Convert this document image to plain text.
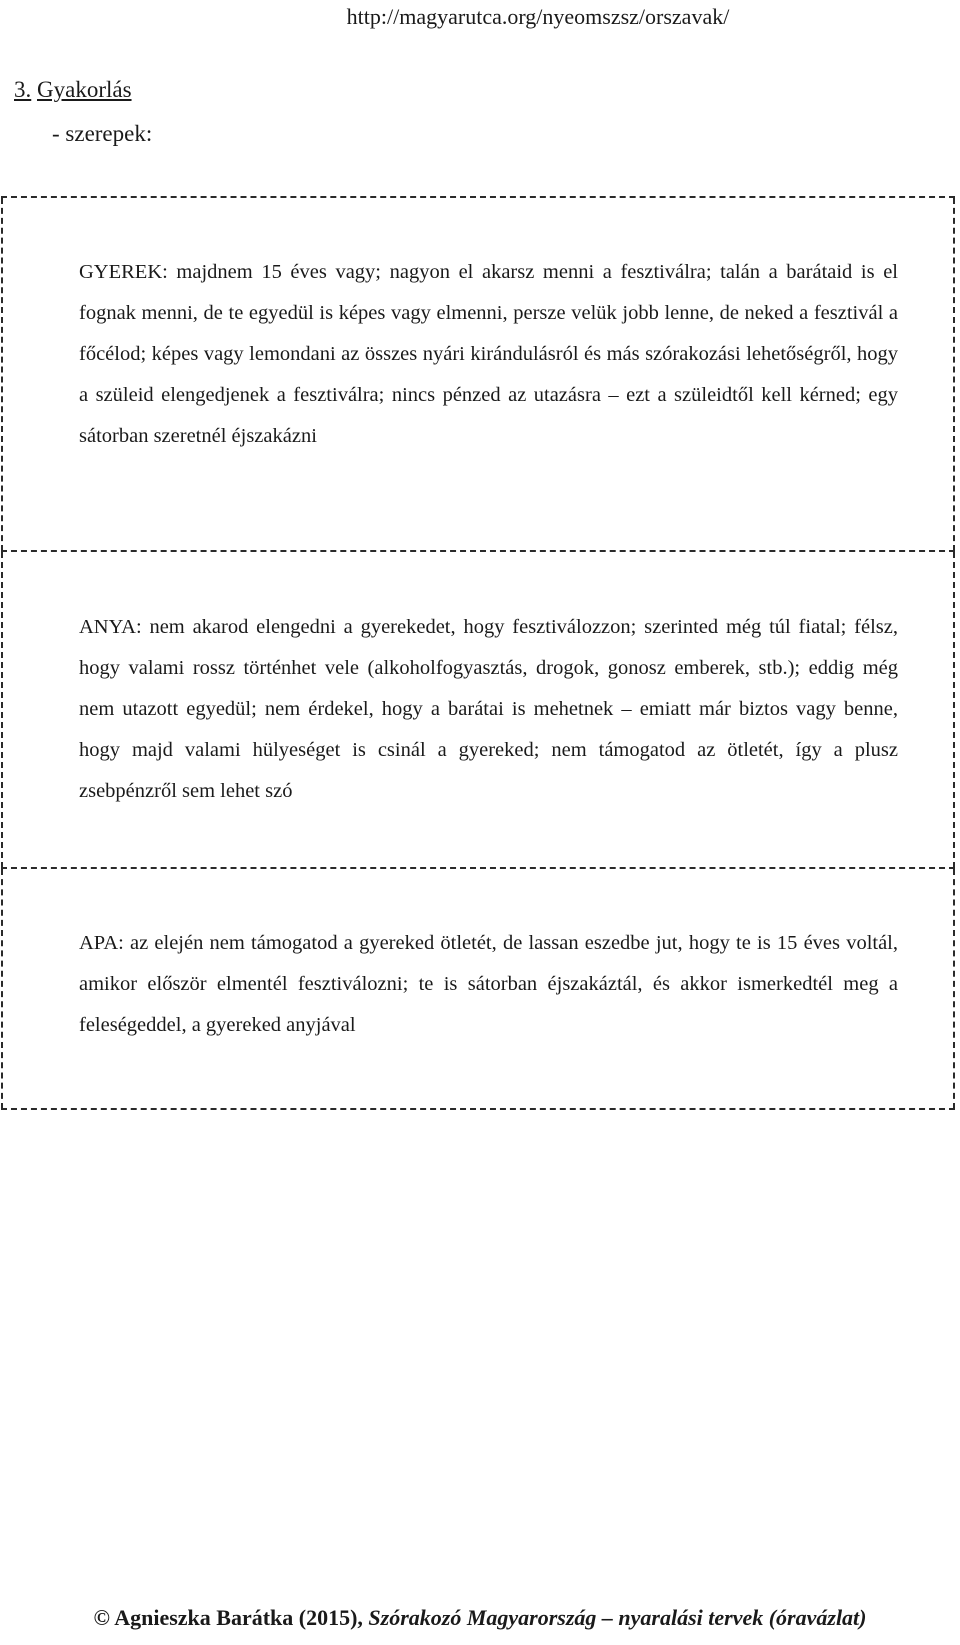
http://magyarutca.org/nyeomszsz/orszavak/
3. Gyakorlás
- szerepek:

GYEREK: majdnem 15 éves vagy; nagyon el akarsz menni a fesztiválra; talán a barátaid is el fognak menni, de te egyedül is képes vagy elmenni, persze velük jobb lenne, de neked a fesztivál a főcélod; képes vagy lemondani az összes nyári kirándulásról és más szórakozási lehetőségről, hogy a szüleid elengedjenek a fesztiválra; nincs pénzed az utazásra – ezt a szüleidtől kell kérned; egy sátorban szeretnél éjszakázni

ANYA: nem akarod elengedni a gyerekedet, hogy fesztiválozzon; szerinted még túl fiatal; félsz, hogy valami rossz történhet vele (alkoholfogyasztás, drogok, gonosz emberek, stb.); eddig még nem utazott egyedül; nem érdekel, hogy a barátai is mehetnek – emiatt már biztos vagy benne, hogy majd valami hülyeséget is csinál a gyereked; nem támogatod az ötletét, így a plusz zsebpénzről sem lehet szó

APA: az elején nem támogatod a gyereked ötletét, de lassan eszedbe jut, hogy te is 15 éves voltál, amikor először elmentél fesztiválozni; te is sátorban éjszakáztál, és akkor ismerkedtél meg a feleségeddel, a gyereked anyjával

© Agnieszka Barátka (2015), Szórakozó Magyarország – nyaralási tervek (óravázlat)
